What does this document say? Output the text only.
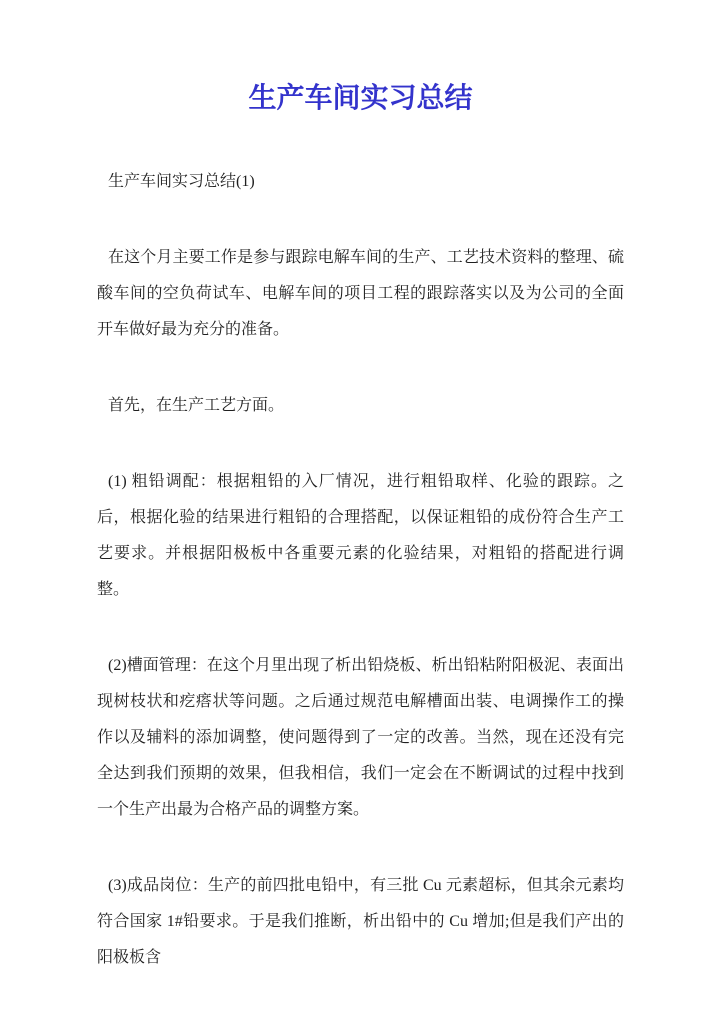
生产车间实习总结

生产车间实习总结(1)

在这个月主要工作是参与跟踪电解车间的生产、工艺技术资料的整理、硫酸车间的空负荷试车、电解车间的项目工程的跟踪落实以及为公司的全面开车做好最为充分的准备。

首先，在生产工艺方面。

(1) 粗铅调配：根据粗铅的入厂情况，进行粗铅取样、化验的跟踪。之后，根据化验的结果进行粗铅的合理搭配，以保证粗铅的成份符合生产工艺要求。并根据阳极板中各重要元素的化验结果，对粗铅的搭配进行调整。

(2)槽面管理：在这个月里出现了析出铅烧板、析出铅粘附阳极泥、表面出现树枝状和疙瘩状等问题。之后通过规范电解槽面出装、电调操作工的操作以及辅料的添加调整，使问题得到了一定的改善。当然，现在还没有完全达到我们预期的效果，但我相信，我们一定会在不断调试的过程中找到一个生产出最为合格产品的调整方案。

(3)成品岗位：生产的前四批电铅中，有三批 Cu 元素超标，但其余元素均符合国家 1#铅要求。于是我们推断，析出铅中的 Cu 增加;但是我们产出的阳极板含
